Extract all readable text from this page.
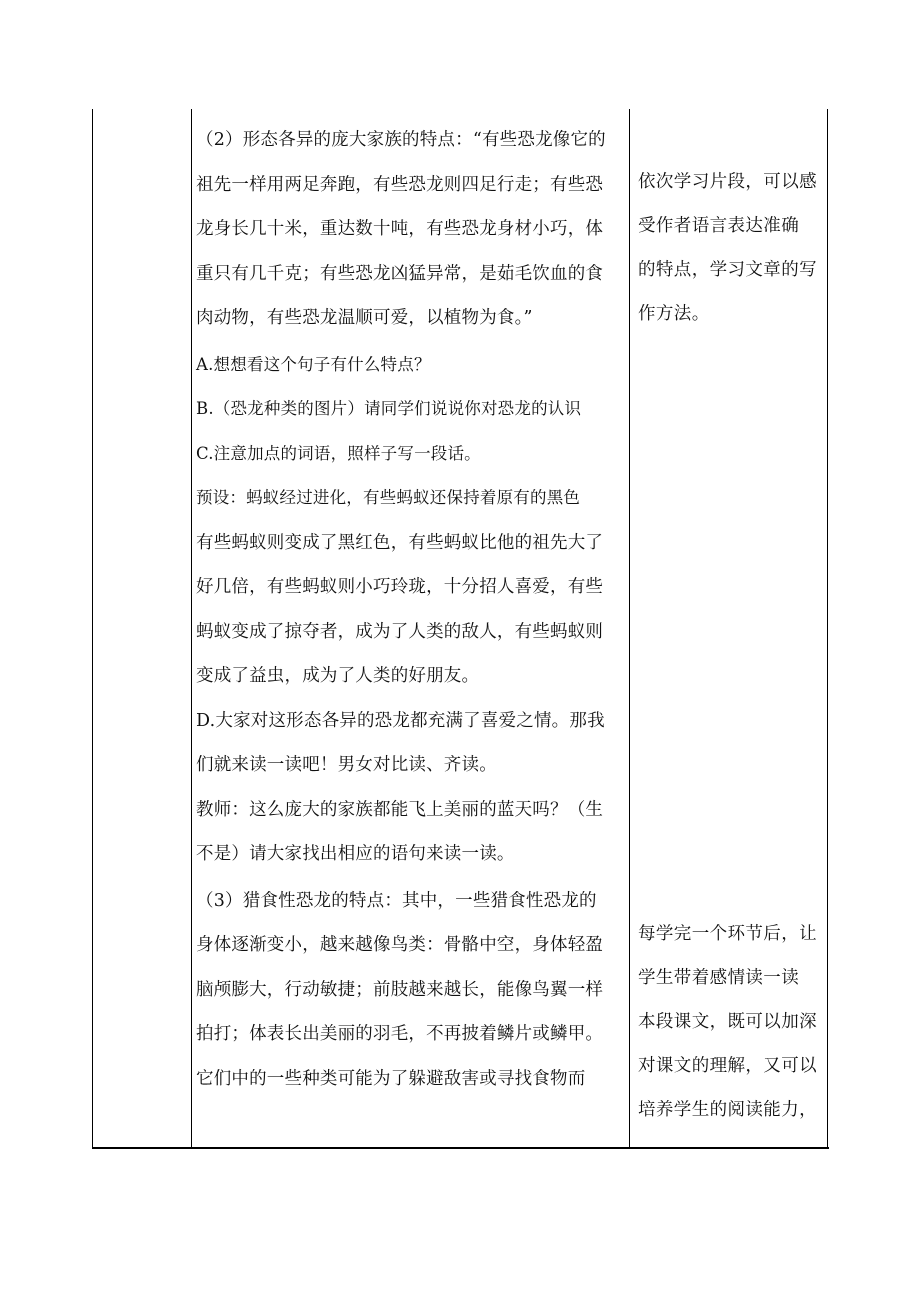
（2）形态各异的庞大家族的特点：“有些恐龙像它的
祖先一样用两足奔跑，有些恐龙则四足行走；有些恐
龙身长几十米，重达数十吨，有些恐龙身材小巧，体
重只有几千克；有些恐龙凶猛异常，是茹毛饮血的食
肉动物，有些恐龙温顺可爱，以植物为食。”
A.想想看这个句子有什么特点？
B.（恐龙种类的图片）请同学们说说你对恐龙的认识
C.注意加点的词语，照样子写一段话。
预设：蚂蚁经过进化，有些蚂蚁还保持着原有的黑色
有些蚂蚁则变成了黑红色，有些蚂蚁比他的祖先大了
好几倍，有些蚂蚁则小巧玲珑，十分招人喜爱，有些
蚂蚁变成了掠夺者，成为了人类的敌人，有些蚂蚁则
变成了益虫，成为了人类的好朋友。
D.大家对这形态各异的恐龙都充满了喜爱之情。那我
们就来读一读吧！男女对比读、齐读。
教师：这么庞大的家族都能飞上美丽的蓝天吗？（生
不是）请大家找出相应的语句来读一读。
（3）猎食性恐龙的特点：其中，一些猎食性恐龙的
身体逐渐变小，越来越像鸟类：骨骼中空，身体轻盈
脑颅膨大，行动敏捷；前肢越来越长，能像鸟翼一样
拍打；体表长出美丽的羽毛，不再披着鳞片或鳞甲。
它们中的一些种类可能为了躲避敌害或寻找食物而
依次学习片段，可以感
受作者语言表达准确
的特点，学习文章的写
作方法。
每学完一个环节后，让
学生带着感情读一读
本段课文，既可以加深
对课文的理解，又可以
培养学生的阅读能力，
